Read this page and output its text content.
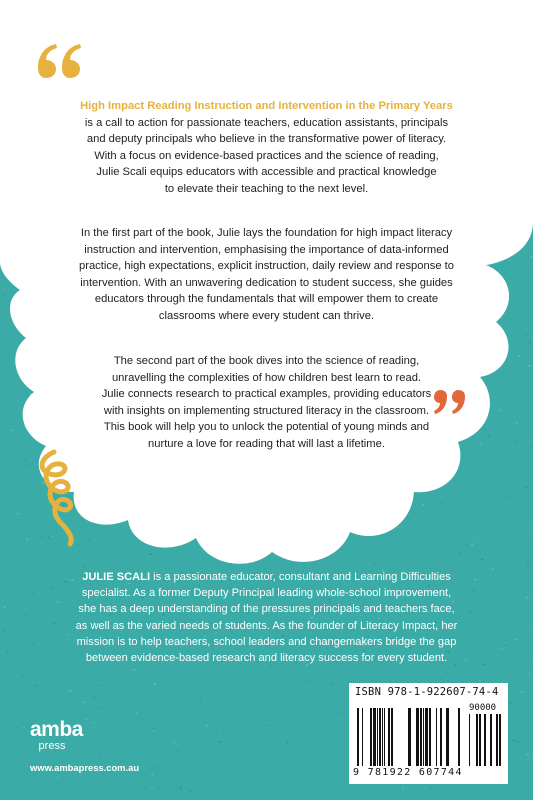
High Impact Reading Instruction and Intervention in the Primary Years
is a call to action for passionate teachers, education assistants, principals
and deputy principals who believe in the transformative power of literacy.
With a focus on evidence-based practices and the science of reading,
Julie Scali equips educators with accessible and practical knowledge
to elevate their teaching to the next level.
In the first part of the book, Julie lays the foundation for high impact literacy
instruction and intervention, emphasising the importance of data-informed
practice, high expectations, explicit instruction, daily review and response to
intervention. With an unwavering dedication to student success, she guides
educators through the fundamentals that will empower them to create
classrooms where every student can thrive.
The second part of the book dives into the science of reading,
unravelling the complexities of how children best learn to read.
Julie connects research to practical examples, providing educators
with insights on implementing structured literacy in the classroom.
This book will help you to unlock the potential of young minds and
nurture a love for reading that will last a lifetime.
JULIE SCALI is a passionate educator, consultant and Learning Difficulties
specialist. As a former Deputy Principal leading whole-school improvement,
she has a deep understanding of the pressures principals and teachers face,
as well as the varied needs of students. As the founder of Literacy Impact, her
mission is to help teachers, school leaders and changemakers bridge the gap
between evidence-based research and literacy success for every student.
ISBN 978-1-922607-74-4
90000
9 781922 607744
amba
press
www.ambapress.com.au
